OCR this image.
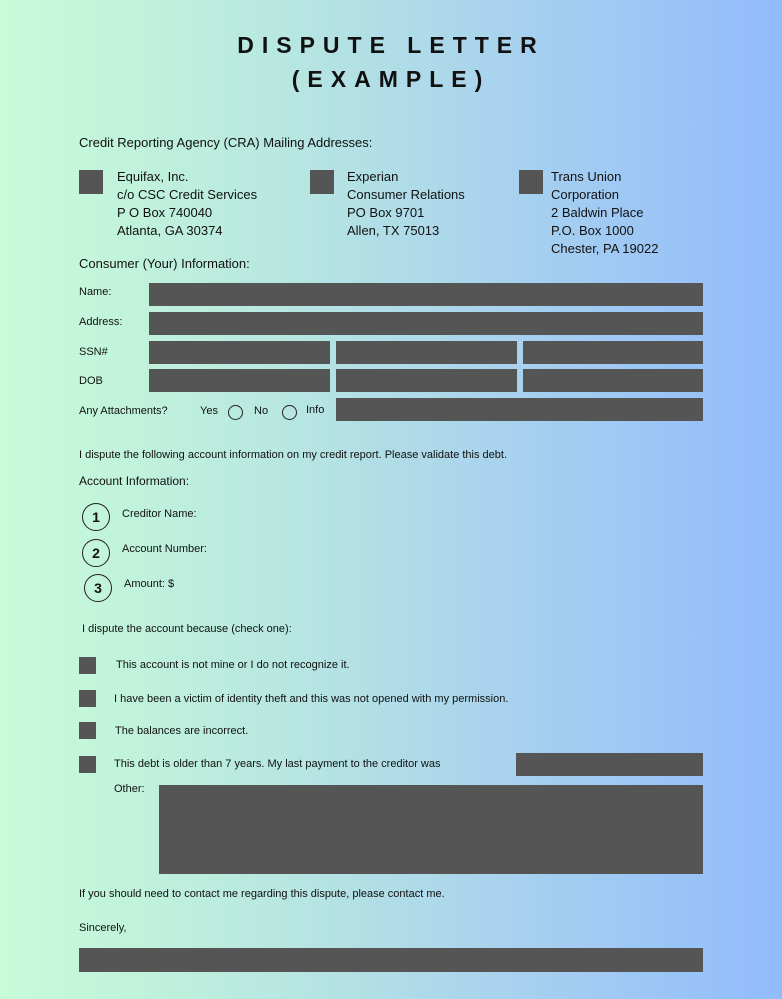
DISPUTE LETTER
(EXAMPLE)
Credit Reporting Agency (CRA) Mailing Addresses:
Equifax, Inc.
c/o CSC Credit Services
P O Box 740040
Atlanta, GA 30374
Experian
Consumer Relations
PO Box 9701
Allen, TX 75013
Trans Union
Corporation
2 Baldwin Place
P.O. Box 1000
Chester, PA 19022
Consumer (Your) Information:
Name:
Address:
SSN#
DOB
Any Attachments?	Yes	No	Info
I dispute the following account information on my credit report. Please validate this debt.
Account Information:
1	Creditor Name:
2	Account Number:
3	Amount: $
I dispute the account because (check one):
This account is not mine or I do not recognize it.
I have been a victim of identity theft and this was not opened with my permission.
The balances are incorrect.
This debt is older than 7 years. My last payment to the creditor was
Other:
If you should need to contact me regarding this dispute, please contact me.
Sincerely,
